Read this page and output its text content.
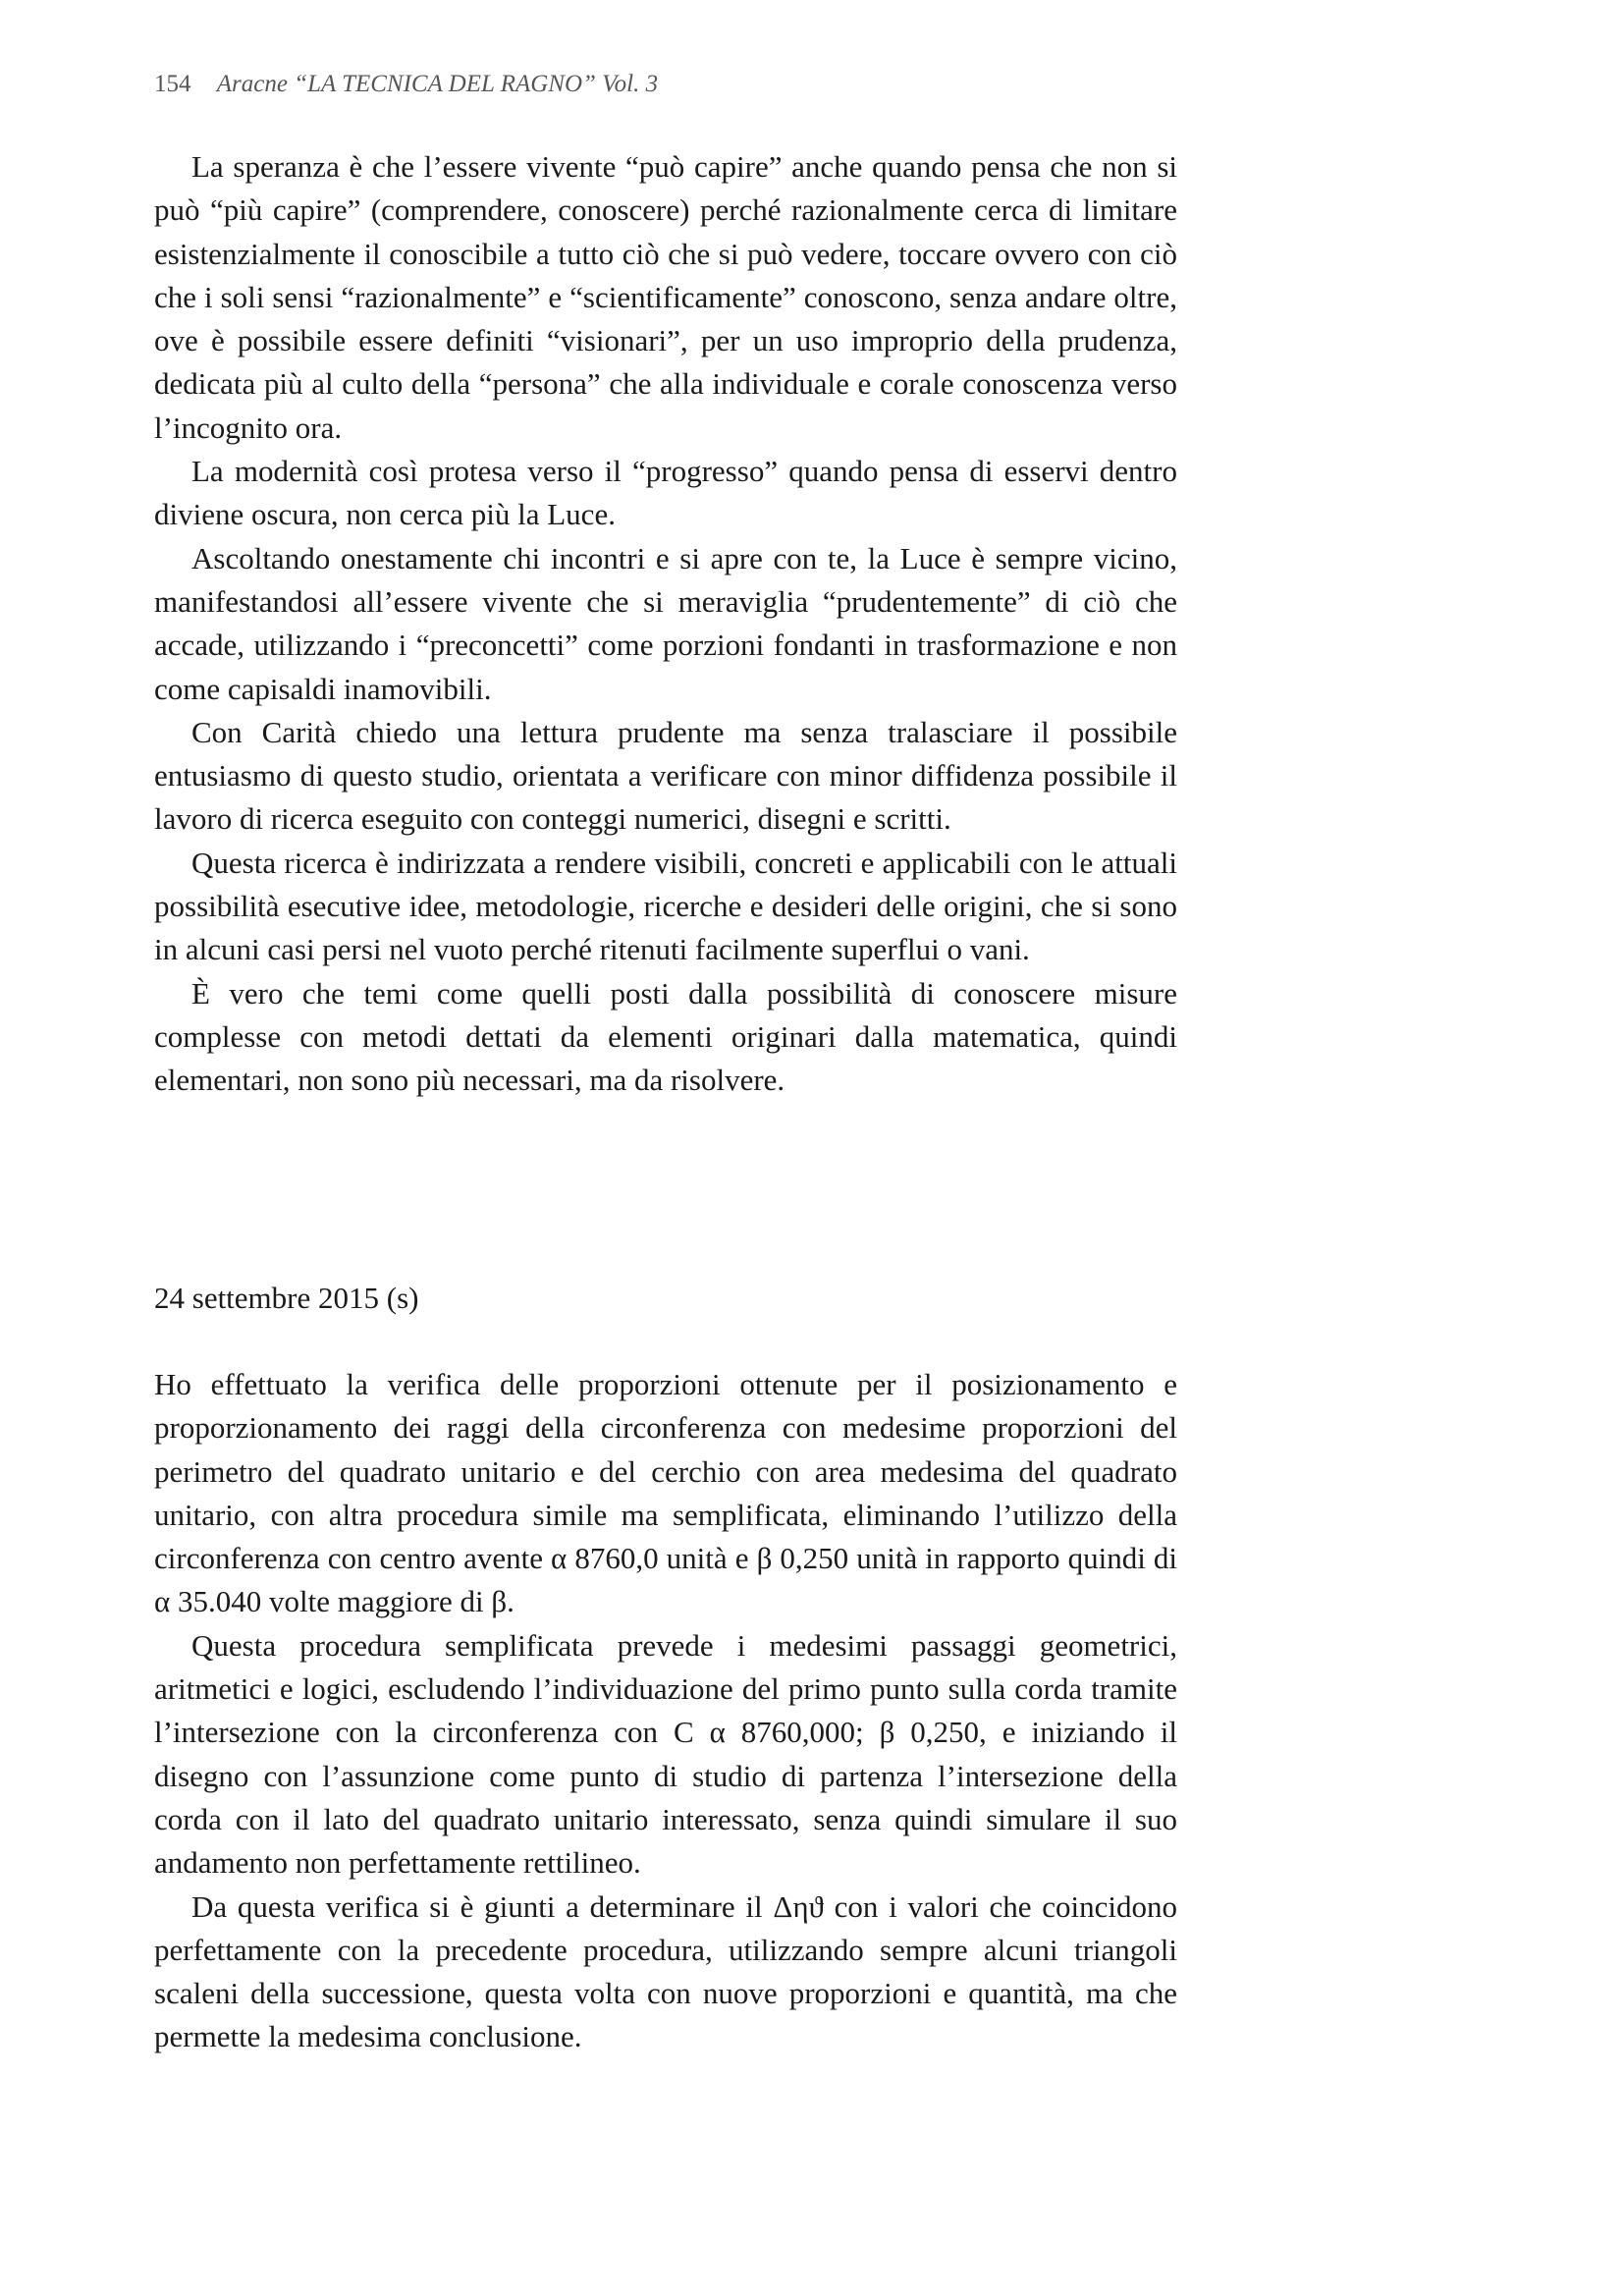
154 Aracne “LA TECNICA DEL RAGNO” Vol. 3

La speranza è che l’essere vivente “può capire” anche quando pensa che non si può “più capire” (comprendere, conoscere) perché razionalmente cerca di limitare esistenzialmente il conoscibile a tutto ciò che si può vedere, toccare ovvero con ciò che i soli sensi “razionalmente” e “scientificamente” conoscono, senza andare oltre, ove è possibile essere definiti “visionari”, per un uso improprio della prudenza, dedicata più al culto della “persona” che alla individuale e corale conoscenza verso l’incognito ora.

La modernità così protesa verso il “progresso” quando pensa di esservi dentro diviene oscura, non cerca più la Luce.

Ascoltando onestamente chi incontri e si apre con te, la Luce è sempre vicino, manifestandosi all’essere vivente che si meraviglia “prudentemente” di ciò che accade, utilizzando i “preconcetti” come porzioni fondanti in trasformazione e non come capisaldi inamovibili.

Con Carità chiedo una lettura prudente ma senza tralasciare il possibile entusiasmo di questo studio, orientata a verificare con minor diffidenza possibile il lavoro di ricerca eseguito con conteggi numerici, disegni e scritti.

Questa ricerca è indirizzata a rendere visibili, concreti e applicabili con le attuali possibilità esecutive idee, metodologie, ricerche e desideri delle origini, che si sono in alcuni casi persi nel vuoto perché ritenuti facilmente superflui o vani.

È vero che temi come quelli posti dalla possibilità di conoscere misure complesse con metodi dettati da elementi originari dalla matematica, quindi elementari, non sono più necessari, ma da risolvere.

24 settembre 2015 (s)

Ho effettuato la verifica delle proporzioni ottenute per il posizionamento e proporzionamento dei raggi della circonferenza con medesime proporzioni del perimetro del quadrato unitario e del cerchio con area medesima del quadrato unitario, con altra procedura simile ma semplificata, eliminando l’utilizzo della circonferenza con centro avente α 8760,0 unità e β 0,250 unità in rapporto quindi di α 35.040 volte maggiore di β.

Questa procedura semplificata prevede i medesimi passaggi geometrici, aritmetici e logici, escludendo l’individuazione del primo punto sulla corda tramite l’intersezione con la circonferenza con C α 8760,000; β 0,250, e iniziando il disegno con l’assunzione come punto di studio di partenza l’intersezione della corda con il lato del quadrato unitario interessato, senza quindi simulare il suo andamento non perfettamente rettilineo.

Da questa verifica si è giunti a determinare il Δηϑ con i valori che coincidono perfettamente con la precedente procedura, utilizzando sempre alcuni triangoli scaleni della successione, questa volta con nuove proporzioni e quantità, ma che permette la medesima conclusione.
